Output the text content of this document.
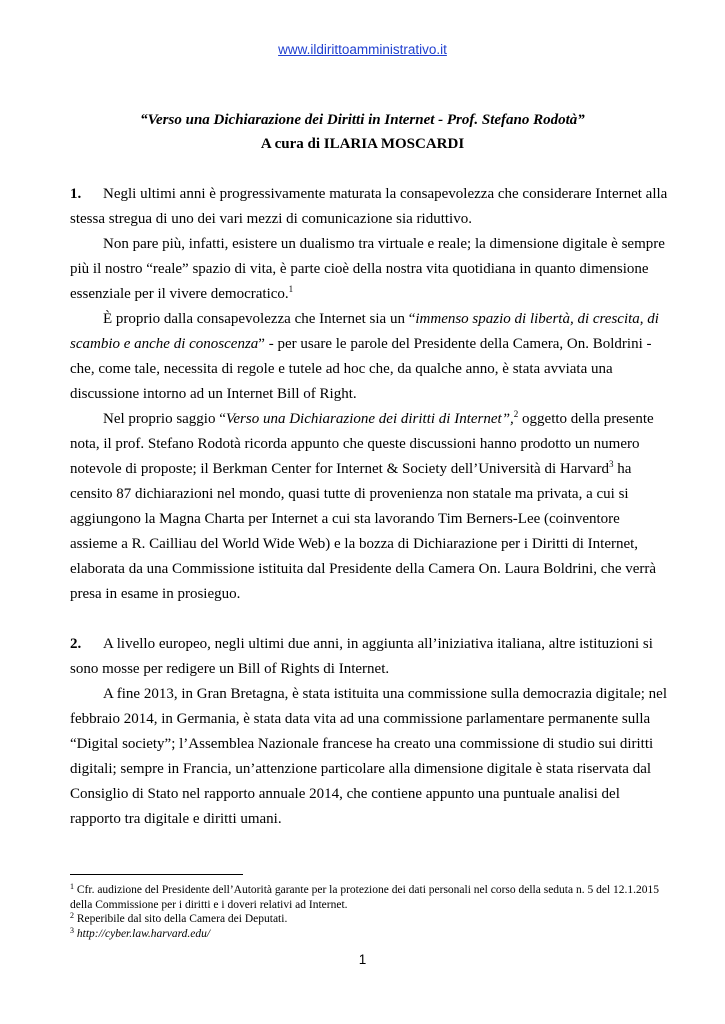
www.ildirittoamministrativo.it
“Verso una Dichiarazione dei Diritti in Internet - Prof. Stefano Rodotà”
A cura di ILARIA MOSCARDI

1. Negli ultimi anni è progressivamente maturata la consapevolezza che considerare Internet alla stessa stregua di uno dei vari mezzi di comunicazione sia riduttivo.

Non pare più, infatti, esistere un dualismo tra virtuale e reale; la dimensione digitale è sempre più il nostro “reale” spazio di vita, è parte cioè della nostra vita quotidiana in quanto dimensione essenziale per il vivere democratico.$^1$

È proprio dalla consapevolezza che Internet sia un “immenso spazio di libertà, di crescita, di scambio e anche di conoscenza” - per usare le parole del Presidente della Camera, On. Boldrini - che, come tale, necessita di regole e tutele ad hoc che, da qualche anno, è stata avviata una discussione intorno ad un Internet Bill of Right.

Nel proprio saggio “Verso una Dichiarazione dei diritti di Internet”,$^2$ oggetto della presente nota, il prof. Stefano Rodotà ricorda appunto che queste discussioni hanno prodotto un numero notevole di proposte; il Berkman Center for Internet & Society dell’Università di Harvard$^3$ ha censito 87 dichiarazioni nel mondo, quasi tutte di provenienza non statale ma privata, a cui si aggiungono la Magna Charta per Internet a cui sta lavorando Tim Berners-Lee (coinventore assieme a R. Cailliau del World Wide Web) e la bozza di Dichiarazione per i Diritti di Internet, elaborata da una Commissione istituita dal Presidente della Camera On. Laura Boldrini, che verrà presa in esame in prosieguo.

2. A livello europeo, negli ultimi due anni, in aggiunta all’iniziativa italiana, altre istituzioni si sono mosse per redigere un Bill of Rights di Internet.

A fine 2013, in Gran Bretagna, è stata istituita una commissione sulla democrazia digitale; nel febbraio 2014, in Germania, è stata data vita ad una commissione parlamentare permanente sulla “Digital society”; l’Assemblea Nazionale francese ha creato una commissione di studio sui diritti digitali; sempre in Francia, un’attenzione particolare alla dimensione digitale è stata riservata dal Consiglio di Stato nel rapporto annuale 2014, che contiene appunto una puntuale analisi del rapporto tra digitale e diritti umani.

$^1$ Cfr. audizione del Presidente dell’Autorità garante per la protezione dei dati personali nel corso della seduta n. 5 del 12.1.2015 della Commissione per i diritti e i doveri relativi ad Internet.

$^2$ Reperibile dal sito della Camera dei Deputati.

$^3$ http://cyber.law.harvard.edu/

1
